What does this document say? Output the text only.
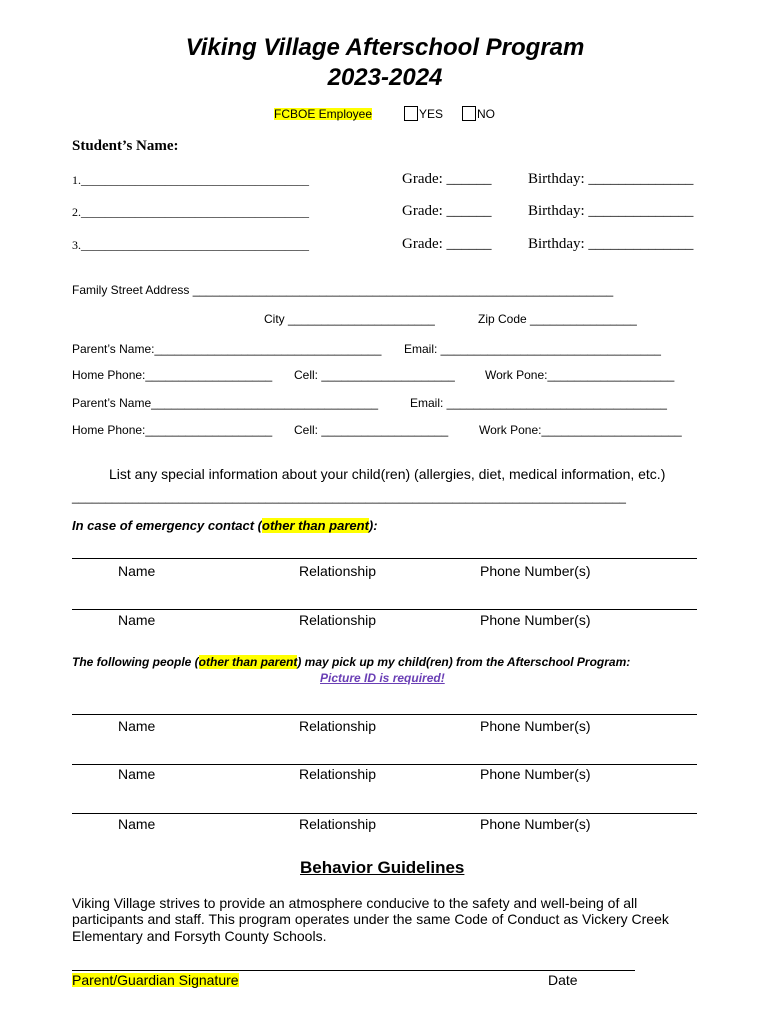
Viking Village Afterschool Program
2023-2024
FCBOE Employee	YES	NO
Student’s Name:
1.______________________________________	Grade: ______ Birthday: ______________
2.______________________________________	Grade: ______ Birthday: ______________
3.______________________________________	Grade: ______ Birthday: ______________
Family Street Address _______________________________________________________________
City ______________________	Zip Code ________________
Parent’s Name:__________________________________ Email: _________________________________
Home Phone:___________________ Cell: ____________________	Work Pone:___________________
Parent’s Name__________________________________	Email: _________________________________
Home Phone:___________________ Cell: ___________________	Work Pone:_____________________
List any special information about your child(ren) (allergies, diet, medical information, etc.)
___________________________________________________________________________________
In case of emergency contact (other than parent):
Name	Relationship	Phone Number(s)
Name	Relationship	Phone Number(s)
The following people (other than parent) may pick up my child(ren) from the Afterschool Program:
Picture ID is required!
Name	Relationship	Phone Number(s)
Name	Relationship	Phone Number(s)
Name	Relationship	Phone Number(s)
Behavior Guidelines
Viking Village strives to provide an atmosphere conducive to the safety and well-being of all
participants and staff. This program operates under the same Code of Conduct as Vickery Creek
Elementary and Forsyth County Schools.
Parent/Guardian Signature	Date
